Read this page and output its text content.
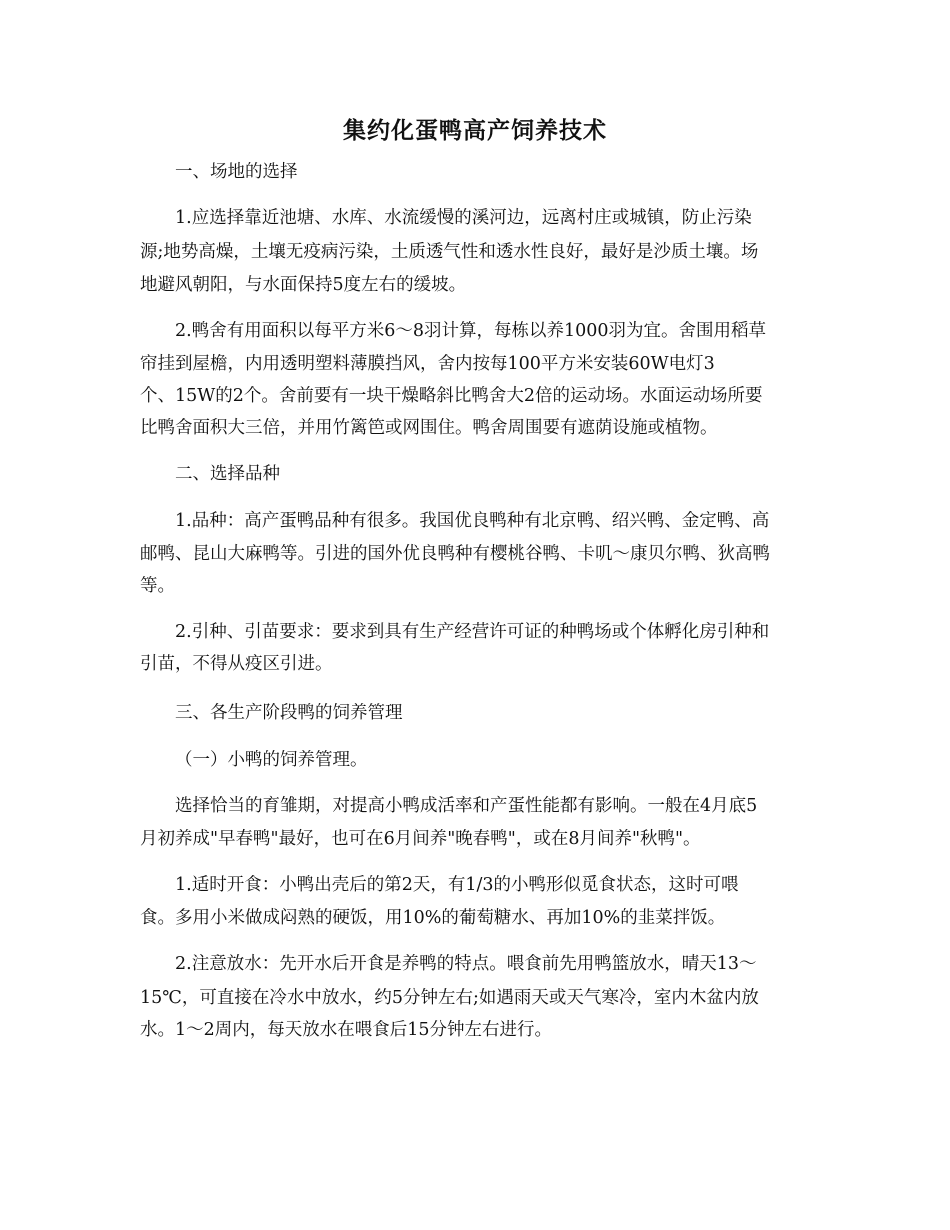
集约化蛋鸭高产饲养技术
一、场地的选择
1.应选择靠近池塘、水库、水流缓慢的溪河边，远离村庄或城镇，防止污染
源;地势高燥，土壤无疫病污染，土质透气性和透水性良好，最好是沙质土壤。场
地避风朝阳，与水面保持5度左右的缓坡。
2.鸭舍有用面积以每平方米6～8羽计算，每栋以养1000羽为宜。舍围用稻草
帘挂到屋檐，内用透明塑料薄膜挡风，舍内按每100平方米安装60W电灯3
个、15W的2个。舍前要有一块干燥略斜比鸭舍大2倍的运动场。水面运动场所要
比鸭舍面积大三倍，并用竹篱笆或网围住。鸭舍周围要有遮荫设施或植物。
二、选择品种
1.品种：高产蛋鸭品种有很多。我国优良鸭种有北京鸭、绍兴鸭、金定鸭、高
邮鸭、昆山大麻鸭等。引进的国外优良鸭种有樱桃谷鸭、卡叽～康贝尔鸭、狄高鸭
等。
2.引种、引苗要求：要求到具有生产经营许可证的种鸭场或个体孵化房引种和
引苗，不得从疫区引进。
三、各生产阶段鸭的饲养管理
（一）小鸭的饲养管理。
选择恰当的育雏期，对提高小鸭成活率和产蛋性能都有影响。一般在4月底5
月初养成"早春鸭"最好，也可在6月间养"晚春鸭"，或在8月间养"秋鸭"。
1.适时开食：小鸭出壳后的第2天，有1/3的小鸭形似觅食状态，这时可喂
食。多用小米做成闷熟的硬饭，用10%的葡萄糖水、再加10%的韭菜拌饭。
2.注意放水：先开水后开食是养鸭的特点。喂食前先用鸭篮放水，晴天13～
15℃，可直接在冷水中放水，约5分钟左右;如遇雨天或天气寒冷，室内木盆内放
水。1～2周内，每天放水在喂食后15分钟左右进行。
